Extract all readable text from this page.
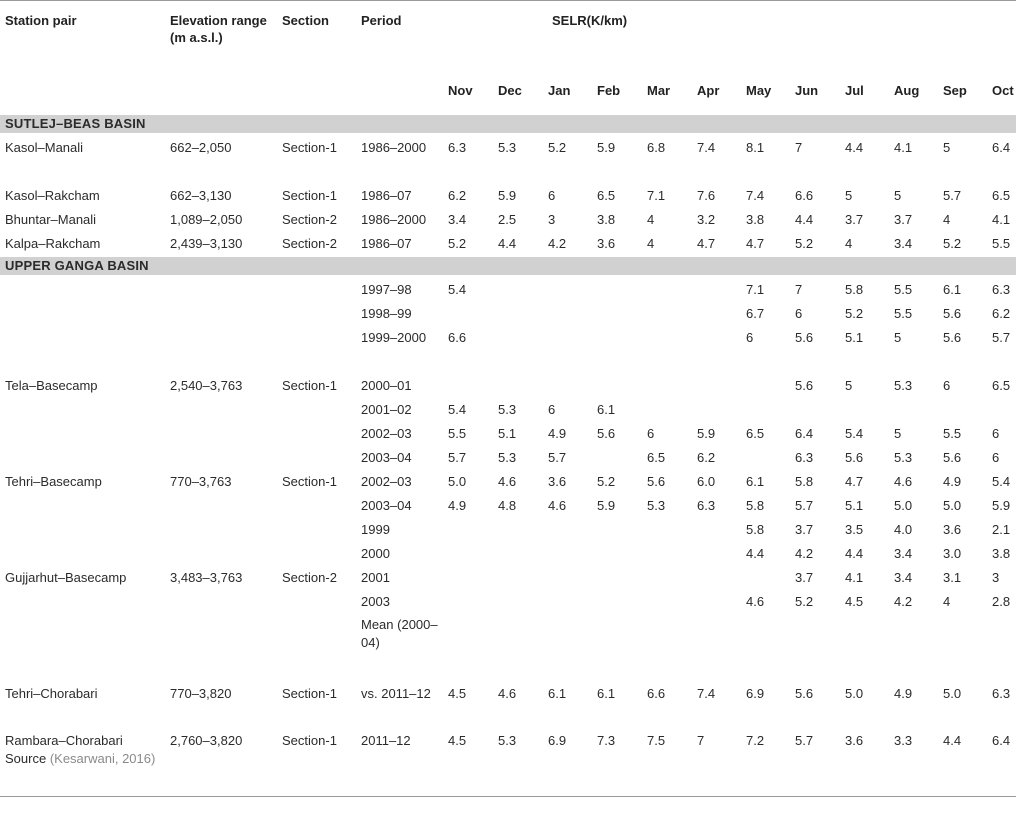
Station pair	Elevation range (m a.s.l.)	Section	Period	SELR(K/km)											
				Nov	Dec	Jan	Feb	Mar	Apr	May	Jun	Jul	Aug	Sep	Oct
SUTLEJ–BEAS BASIN															
Kasol–Manali	662–2,050	Section-1	1986–2000	6.3	5.3	5.2	5.9	6.8	7.4	8.1	7	4.4	4.1	5	6.4
Kasol–Rakcham	662–3,130	Section-1	1986–07	6.2	5.9	6	6.5	7.1	7.6	7.4	6.6	5	5	5.7	6.5
Bhuntar–Manali	1,089–2,050	Section-2	1986–2000	3.4	2.5	3	3.8	4	3.2	3.8	4.4	3.7	3.7	4	4.1
Kalpa–Rakcham	2,439–3,130	Section-2	1986–07	5.2	4.4	4.2	3.6	4	4.7	4.7	5.2	4	3.4	5.2	5.5
UPPER GANGA BASIN															
			1997–98	5.4						7.1	7	5.8	5.5	6.1	6.3
			1998–99							6.7	6	5.2	5.5	5.6	6.2
			1999–2000	6.6						6	5.6	5.1	5	5.6	5.7
Tela–Basecamp	2,540–3,763	Section-1	2000–01								5.6	5	5.3	6	6.5
			2001–02	5.4	5.3	6	6.1								
			2002–03	5.5	5.1	4.9	5.6	6	5.9	6.5	6.4	5.4	5	5.5	6
			2003–04	5.7	5.3	5.7		6.5	6.2		6.3	5.6	5.3	5.6	6
Tehri–Basecamp	770–3,763	Section-1	2002–03	5.0	4.6	3.6	5.2	5.6	6.0	6.1	5.8	4.7	4.6	4.9	5.4
			2003–04	4.9	4.8	4.6	5.9	5.3	6.3	5.8	5.7	5.1	5.0	5.0	5.9
			1999							5.8	3.7	3.5	4.0	3.6	2.1
			2000							4.4	4.2	4.4	3.4	3.0	3.8
Gujjarhut–Basecamp	3,483–3,763	Section-2	2001								3.7	4.1	3.4	3.1	3
			2003							4.6	5.2	4.5	4.2	4	2.8
			Mean (2000–04)												
Tehri–Chorabari	770–3,820	Section-1	vs. 2011–12	4.5	4.6	6.1	6.1	6.6	7.4	6.9	5.6	5.0	4.9	5.0	6.3
Rambara–Chorabari
Source (Kesarwani, 2016)	2,760–3,820	Section-1	2011–12	4.5	5.3	6.9	7.3	7.5	7	7.2	5.7	3.6	3.3	4.4	6.4
